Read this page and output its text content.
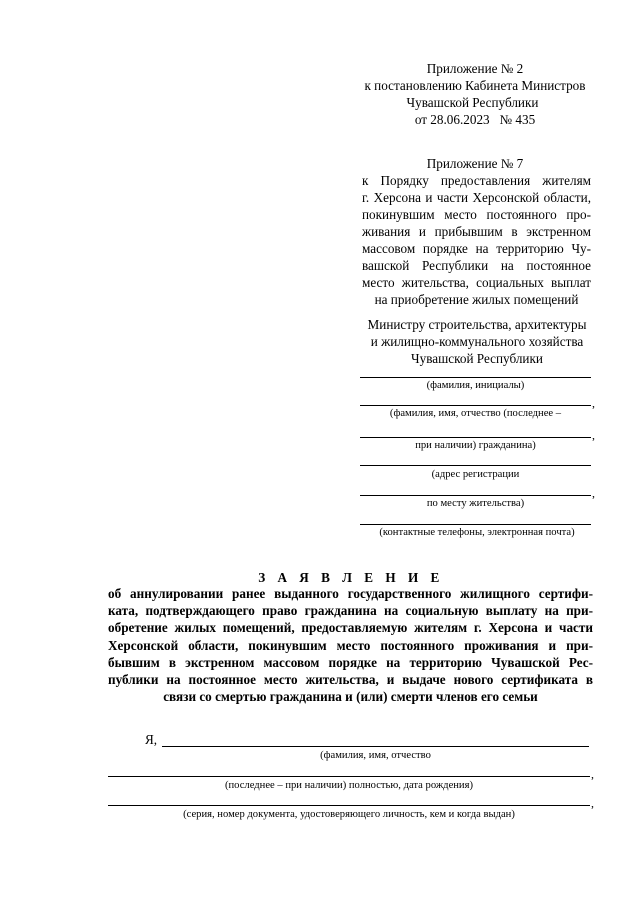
Приложение № 2
к постановлению Кабинета Министров
Чувашской Республики
от 28.06.2023   № 435
Приложение № 7
к  Порядку  предоставления  жителям
г. Херсона и части Херсонской области,
покинувшим  место  постоянного  про-
живания  и  прибывшим  в  экстренном
массовом порядке на территорию Чу-
вашской  Республики  на  постоянное
место  жительства,  социальных  выплат
на приобретение жилых помещений
Министру строительства, архитектуры
и жилищно-коммунального хозяйства
Чувашской Республики
(фамилия, инициалы)
,
(фамилия, имя, отчество (последнее –
,
при наличии) гражданина)
(адрес регистрации
,
по месту жительства)
(контактные телефоны, электронная почта)
З А Я В Л Е Н И Е
об аннулировании ранее выданного государственного жилищного сертифи-
ката, подтверждающего право гражданина на социальную выплату на при-
обретение жилых помещений, предоставляемую жителям г. Херсона и части
Херсонской  области,  покинувшим  место  постоянного  проживания  и  при-
бывшим в экстренном массовом порядке на территорию Чувашской Рес-
публики на постоянное место жительства, и выдаче нового сертификата в
связи со смертью гражданина и (или) смерти членов его семьи
Я,
(фамилия, имя, отчество
,
(последнее – при наличии) полностью, дата рождения)
,
(серия, номер документа, удостоверяющего личность, кем и когда выдан)
